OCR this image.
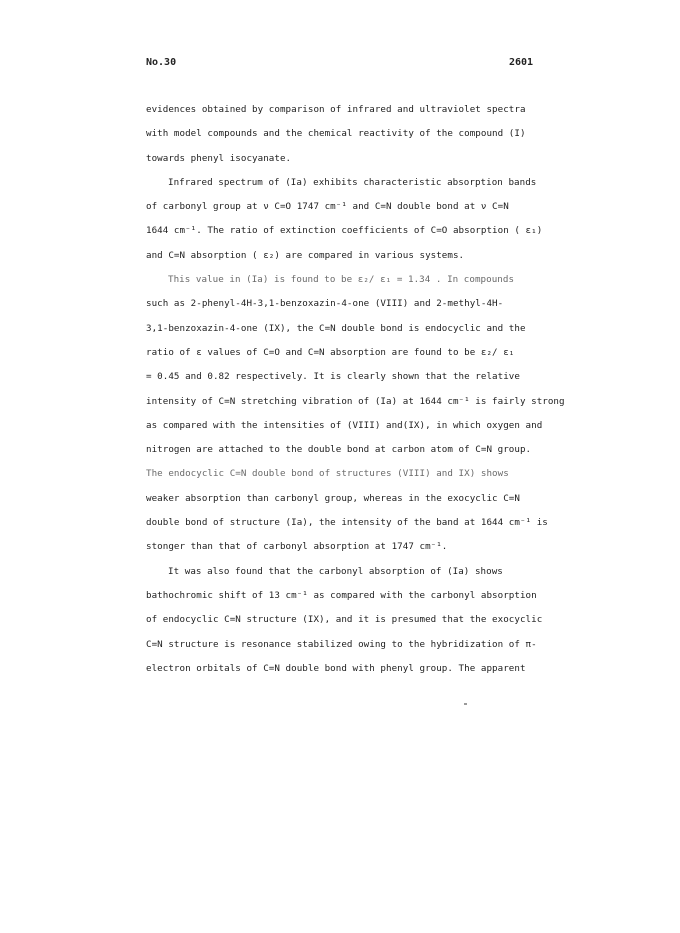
No.30	2601
evidences obtained by comparison of infrared and ultraviolet spectra
with model compounds and the chemical reactivity of the compound (I)
towards phenyl isocyanate.
Infrared spectrum of (Ia) exhibits characteristic absorption bands
of carbonyl group at ν C=O 1747 cm⁻¹ and C=N double bond at ν C=N
1644 cm⁻¹. The ratio of extinction coefficients of C=O absorption ( ε₁)
and C=N absorption ( ε₂) are compared in various systems.
This value in (Ia) is found to be ε₂/ ε₁ = 1.34 . In compounds
such as 2-phenyl-4H-3,1-benzoxazin-4-one (VIII) and 2-methyl-4H-
3,1-benzoxazin-4-one (IX), the C=N double bond is endocyclic and the
ratio of ε values of C=O and C=N absorption are found to be ε₂/ ε₁
= 0.45 and 0.82 respectively. It is clearly shown that the relative
intensity of C=N stretching vibration of (Ia) at 1644 cm⁻¹ is fairly strong
as compared with the intensities of (VIII) and(IX), in which oxygen and
nitrogen are attached to the double bond at carbon atom of C=N group.
The endocyclic C=N double bond of structures (VIII) and IX) shows
weaker absorption than carbonyl group, whereas in the exocyclic C=N
double bond of structure (Ia), the intensity of the band at 1644 cm⁻¹ is
stonger than that of carbonyl absorption at 1747 cm⁻¹.
It was also found that the carbonyl absorption of (Ia) shows
bathochromic shift of 13 cm⁻¹ as compared with the carbonyl absorption
of endocyclic C=N structure (IX), and it is presumed that the exocyclic
C=N structure is resonance stabilized owing to the hybridization of π-
electron orbitals of C=N double bond with phenyl group. The apparent
